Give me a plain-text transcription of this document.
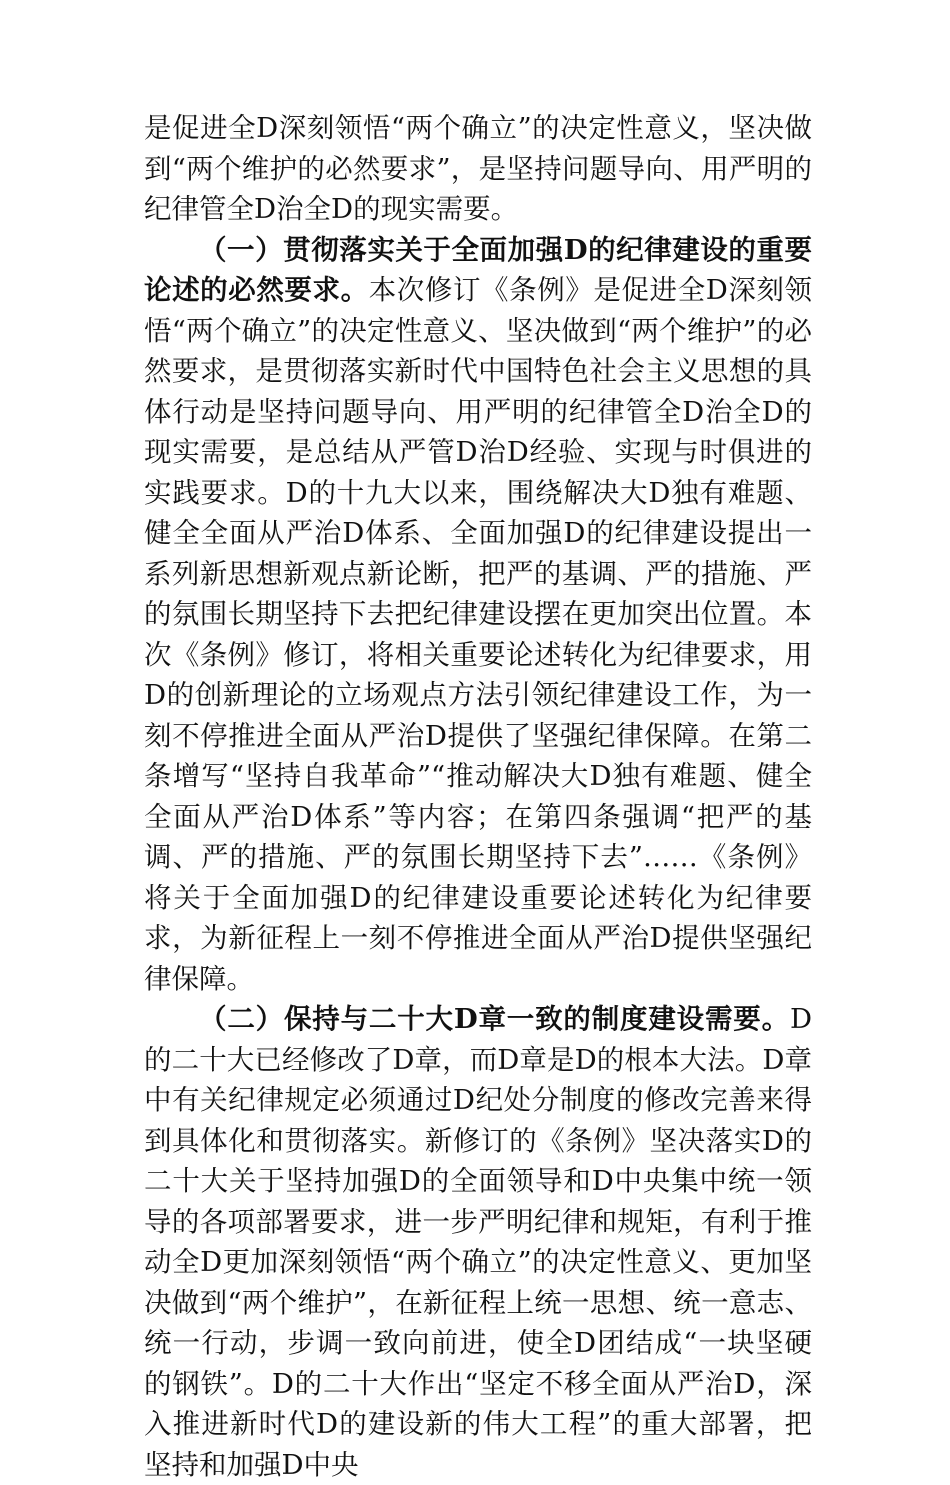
是促进全D深刻领悟“两个确立”的决定性意义，坚决做到“两个维护的必然要求”，是坚持问题导向、用严明的纪律管全D治全D的现实需要。

（一）贯彻落实关于全面加强D的纪律建设的重要论述的必然要求。本次修订《条例》是促进全D深刻领悟“两个确立”的决定性意义、坚决做到“两个维护”的必然要求，是贯彻落实新时代中国特色社会主义思想的具体行动是坚持问题导向、用严明的纪律管全D治全D的现实需要，是总结从严管D治D经验、实现与时俱进的实践要求。D的十九大以来，围绕解决大D独有难题、健全全面从严治D体系、全面加强D的纪律建设提出一系列新思想新观点新论断，把严的基调、严的措施、严的氛围长期坚持下去把纪律建设摆在更加突出位置。本次《条例》修订，将相关重要论述转化为纪律要求，用D的创新理论的立场观点方法引领纪律建设工作，为一刻不停推进全面从严治D提供了坚强纪律保障。在第二条增写“坚持自我革命”“推动解决大D独有难题、健全全面从严治D体系”等内容；在第四条强调“把严的基调、严的措施、严的氛围长期坚持下去”……《条例》将关于全面加强D的纪律建设重要论述转化为纪律要求，为新征程上一刻不停推进全面从严治D提供坚强纪律保障。

（二）保持与二十大D章一致的制度建设需要。D的二十大已经修改了D章，而D章是D的根本大法。D章中有关纪律规定必须通过D纪处分制度的修改完善来得到具体化和贯彻落实。新修订的《条例》坚决落实D的二十大关于坚持加强D的全面领导和D中央集中统一领导的各项部署要求，进一步严明纪律和规矩，有利于推动全D更加深刻领悟“两个确立”的决定性意义、更加坚决做到“两个维护”，在新征程上统一思想、统一意志、统一行动，步调一致向前进，使全D团结成“一块坚硬的钢铁”。D的二十大作出“坚定不移全面从严治D，深入推进新时代D的建设新的伟大工程”的重大部署，把坚持和加强D中央
